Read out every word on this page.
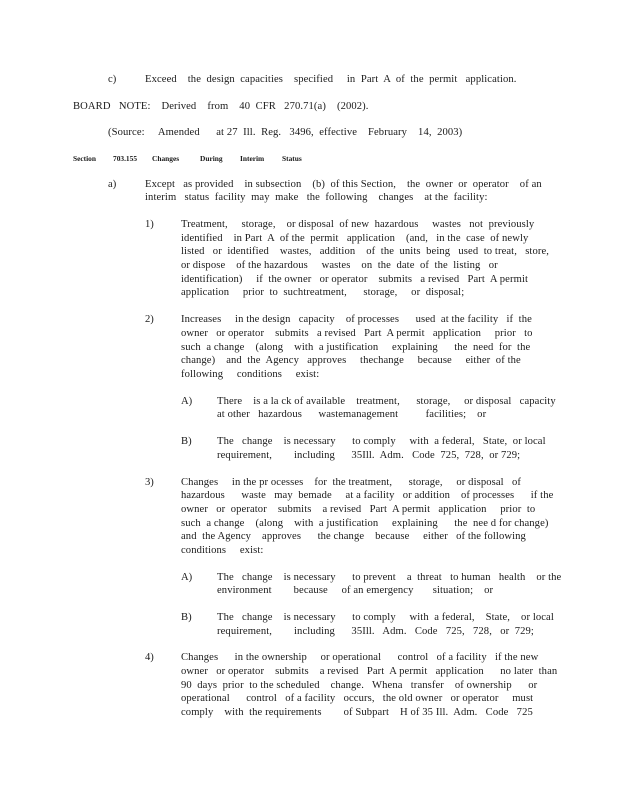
c)	Exceed    the  design  capacities    specified     in  Part  A  of  the  permit   application.
BOARD   NOTE:    Derived    from    40  CFR   270.71(a)    (2002).
(Source:     Amended      at 27  Ill.  Reg.   3496,  effective    February    14,  2003)
Section 703.155 Changes	During Interim Status
a)	Except   as provided    in subsection    (b)  of this Section,    the  owner  or  operator    of an
interim   status  facility  may  make   the  following    changes    at the  facility:
1)	Treatment,     storage,    or disposal  of new  hazardous     wastes   not  previously
identified    in Part  A  of the  permit   application    (and,   in the  case  of newly
listed   or  identified    wastes,   addition    of  the  units  being   used  to treat,   store,
or dispose    of the hazardous     wastes    on  the  date  of  the  listing   or
identification)     if  the owner   or operator    submits   a revised   Part  A permit
application     prior  to  suchtreatment,      storage,     or  disposal;
2)	Increases     in the design   capacity    of processes      used  at the facility   if  the
owner   or operator    submits   a revised   Part  A permit   application     prior   to
such  a change    (along    with  a justification     explaining      the  need  for  the
change)    and  the  Agency   approves     thechange     because     either  of the
following     conditions     exist:
A) There    is a la ck of available    treatment,      storage,     or disposal   capacity
at other   hazardous      wastemanagement          facilities;    or
B) The   change    is necessary      to comply     with  a federal,   State,  or local
requirement,        including      35Ill.  Adm.   Code  725,  728,  or 729;
3)	Changes     in the pr ocesses    for  the treatment,      storage,     or disposal   of
hazardous      waste   may  bemade     at a facility   or addition    of processes      if the
owner   or  operator    submits    a revised   Part  A permit   application     prior  to
such  a change    (along    with  a justification     explaining      the  nee d for change)
and  the Agency    approves      the change    because     either   of the following
conditions     exist:
A) The   change    is necessary      to prevent    a  threat   to human   health    or the
environment        because     of an emergency       situation;    or
B) The   change    is necessary      to comply     with  a federal,    State,    or local
requirement,        including      35Ill.   Adm.   Code   725,   728,   or  729;
4)	Changes      in the ownership     or operational      control   of a facility   if the new
owner   or operator    submits    a revised   Part  A permit   application      no later  than
90  days  prior  to the scheduled    change.   Whena   transfer    of ownership      or
operational      control   of a facility   occurs,   the old owner   or operator     must
comply    with  the requirements        of Subpart    H of 35 Ill.  Adm.   Code   725
